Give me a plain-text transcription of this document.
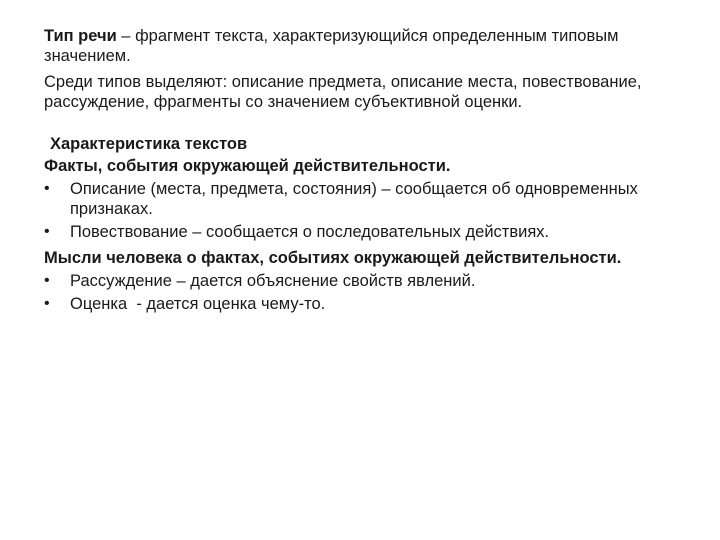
Тип речи – фрагмент текста, характеризующийся определенным типовым значением.

Среди типов выделяют: описание предмета, описание места, повествование, рассуждение, фрагменты со значением субъективной оценки.

Характеристика текстов
Факты, события окружающей действительности.
•	Описание (места, предмета, состояния) – сообщается об одновременных признаках.
•	Повествование – сообщается о последовательных действиях.
Мысли человека о фактах, событиях окружающей действительности.
•	Рассуждение – дается объяснение свойств явлений.
•	Оценка  - дается оценка чему-то.
